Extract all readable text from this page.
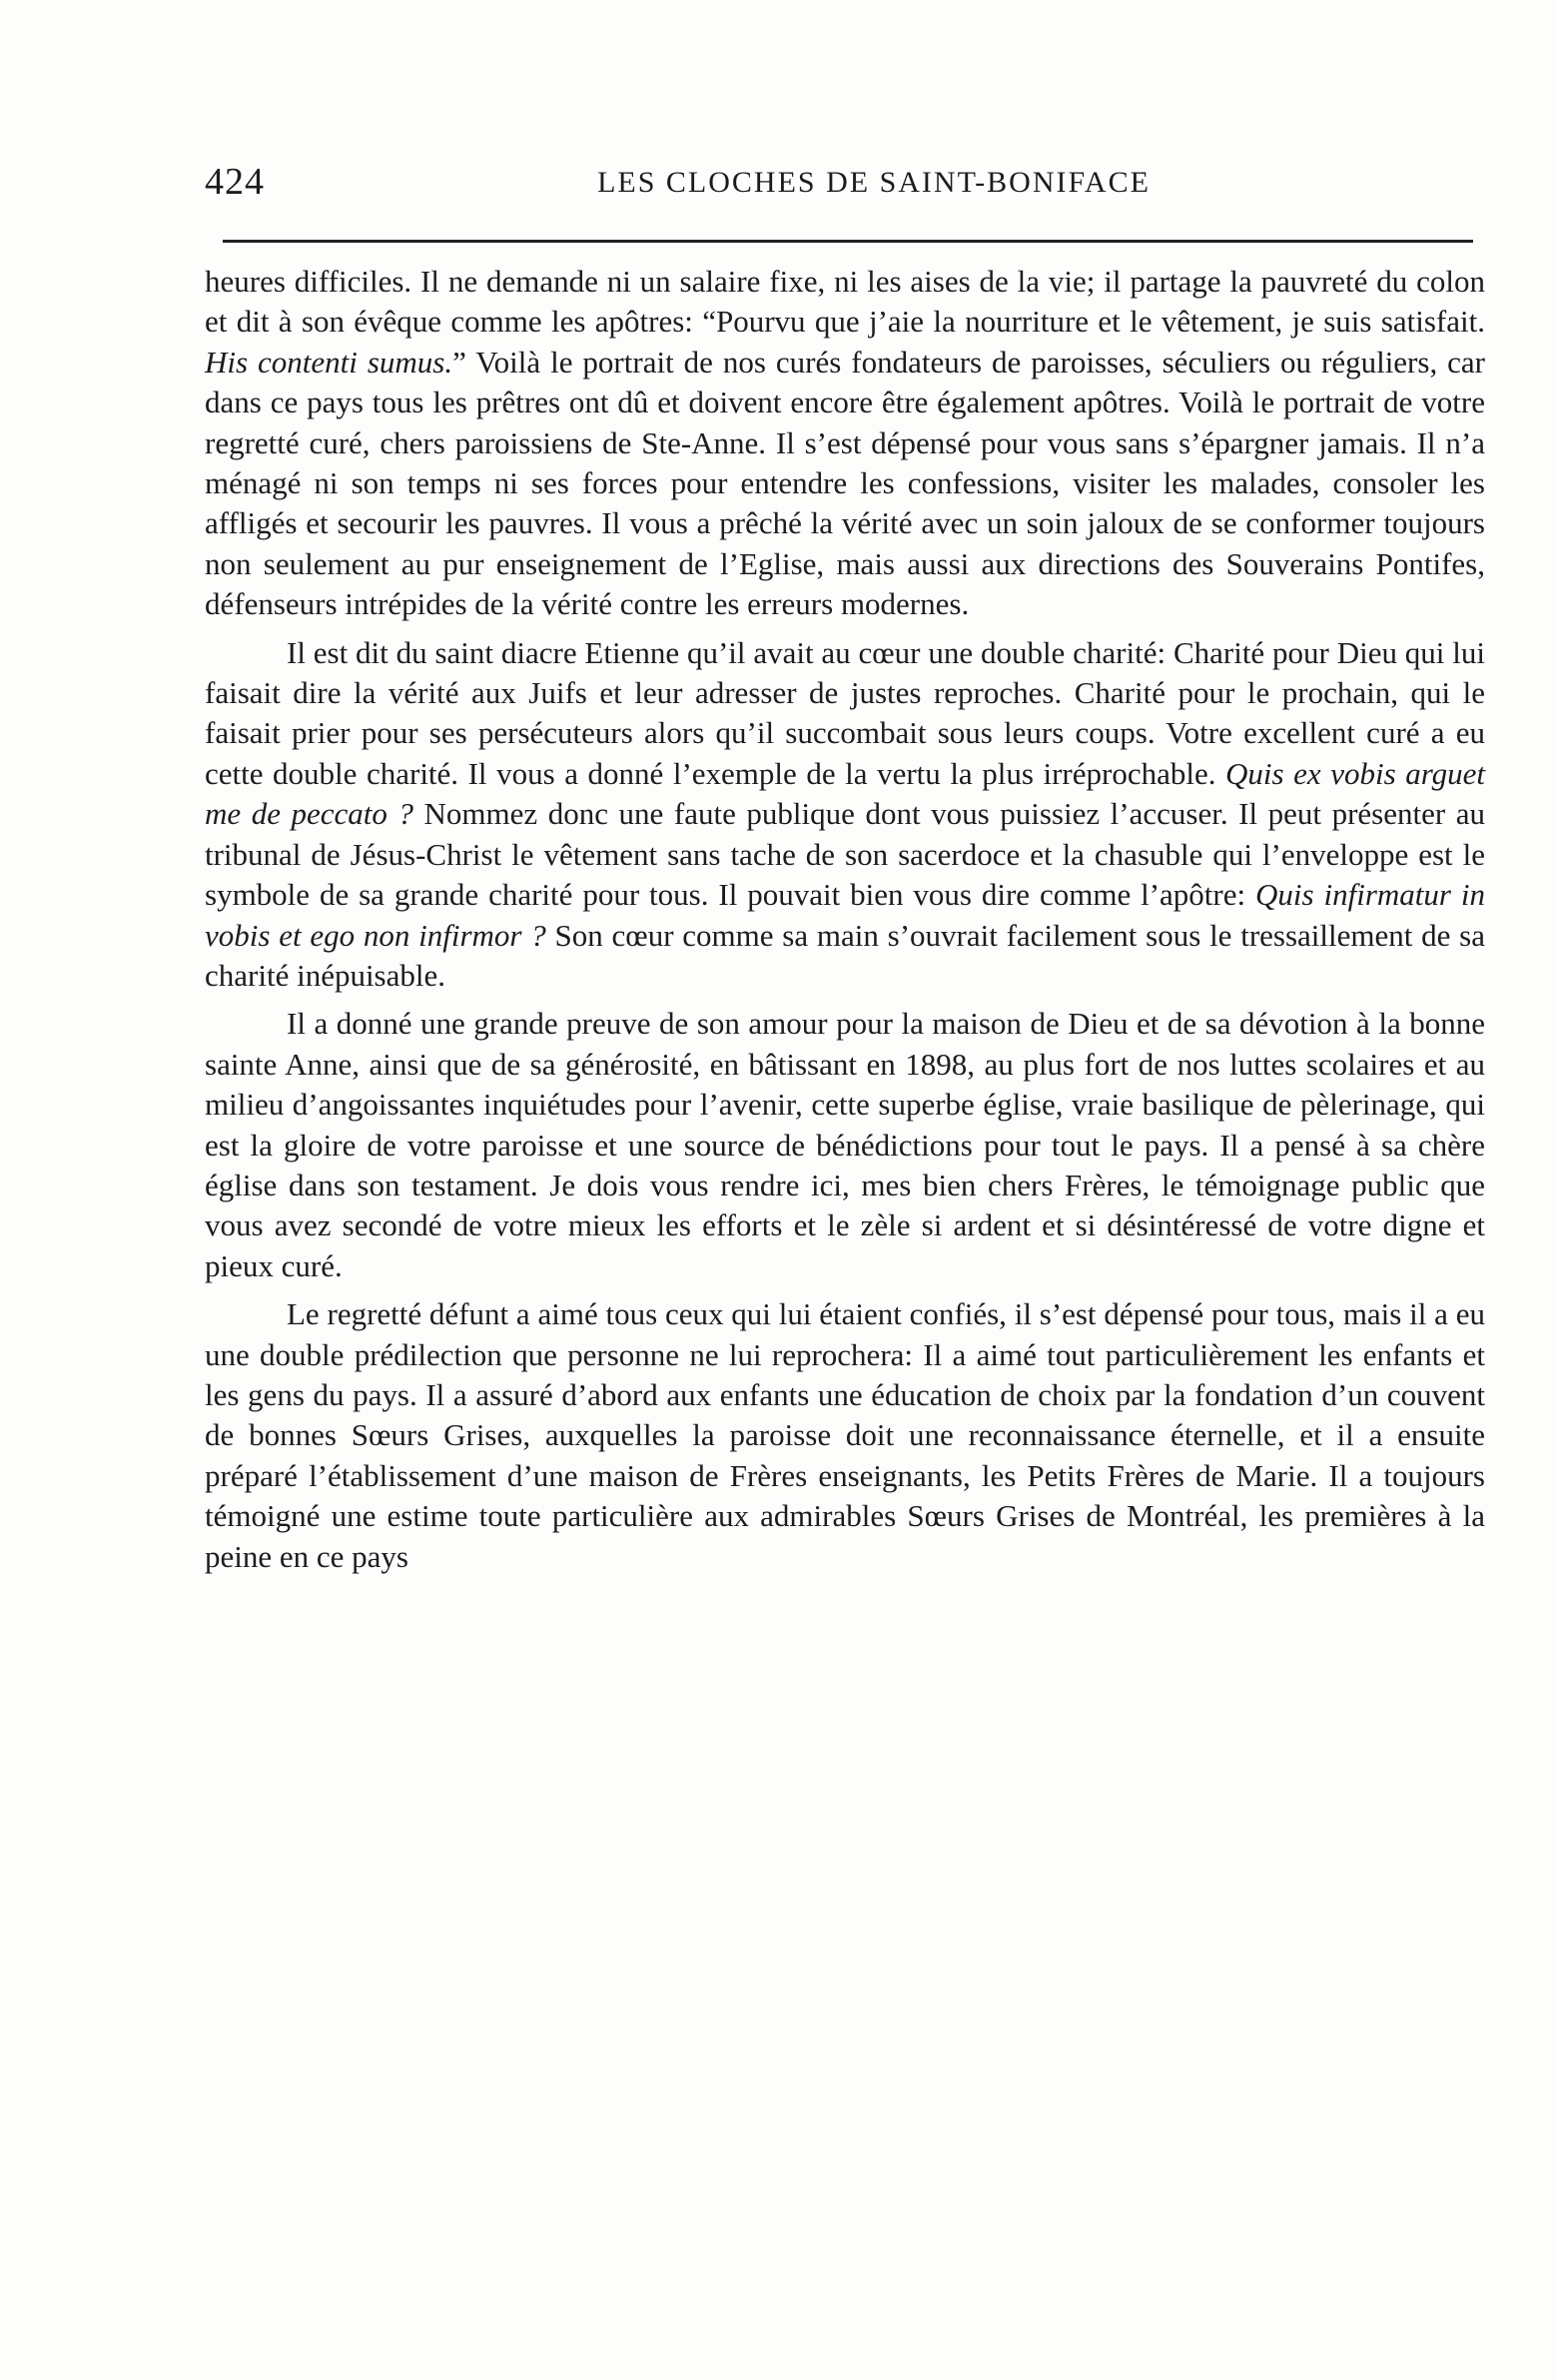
424	LES CLOCHES DE SAINT-BONIFACE

heures difficiles. Il ne demande ni un salaire fixe, ni les aises de la vie; il partage la pauvreté du colon et dit à son évêque comme les apôtres: “Pourvu que j’aie la nourriture et le vêtement, je suis satisfait. His contenti sumus.” Voilà le portrait de nos curés fondateurs de paroisses, séculiers ou réguliers, car dans ce pays tous les prêtres ont dû et doivent encore être également apôtres. Voilà le portrait de votre regretté curé, chers paroissiens de Ste-Anne. Il s’est dépensé pour vous sans s’épargner jamais. Il n’a ménagé ni son temps ni ses forces pour entendre les confessions, visiter les malades, consoler les affligés et secourir les pauvres. Il vous a prêché la vérité avec un soin jaloux de se conformer toujours non seulement au pur enseignement de l’Eglise, mais aussi aux directions des Souverains Pontifes, défenseurs intrépides de la vérité contre les erreurs modernes.

Il est dit du saint diacre Etienne qu’il avait au cœur une double charité: Charité pour Dieu qui lui faisait dire la vérité aux Juifs et leur adresser de justes reproches. Charité pour le prochain, qui le faisait prier pour ses persécuteurs alors qu’il succombait sous leurs coups. Votre excellent curé a eu cette double charité. Il vous a donné l’exemple de la vertu la plus irréprochable. Quis ex vobis arguet me de peccato ? Nommez donc une faute publique dont vous puissiez l’accuser. Il peut présenter au tribunal de Jésus-Christ le vêtement sans tache de son sacerdoce et la chasuble qui l’enveloppe est le symbole de sa grande charité pour tous. Il pouvait bien vous dire comme l’apôtre: Quis infirmatur in vobis et ego non infirmor ? Son cœur comme sa main s’ouvrait facilement sous le tressaillement de sa charité inépuisable.

Il a donné une grande preuve de son amour pour la maison de Dieu et de sa dévotion à la bonne sainte Anne, ainsi que de sa générosité, en bâtissant en 1898, au plus fort de nos luttes scolaires et au milieu d’angoissantes inquiétudes pour l’avenir, cette superbe église, vraie basilique de pèlerinage, qui est la gloire de votre paroisse et une source de bénédictions pour tout le pays. Il a pensé à sa chère église dans son testament. Je dois vous rendre ici, mes bien chers Frères, le témoignage public que vous avez secondé de votre mieux les efforts et le zèle si ardent et si désintéressé de votre digne et pieux curé.

Le regretté défunt a aimé tous ceux qui lui étaient confiés, il s’est dépensé pour tous, mais il a eu une double prédilection que personne ne lui reprochera: Il a aimé tout particulièrement les enfants et les gens du pays. Il a assuré d’abord aux enfants une éducation de choix par la fondation d’un couvent de bonnes Sœurs Grises, auxquelles la paroisse doit une reconnaissance éternelle, et il a ensuite préparé l’établissement d’une maison de Frères enseignants, les Petits Frères de Marie. Il a toujours témoigné une estime toute particulière aux admirables Sœurs Grises de Montréal, les premières à la peine en ce pays
